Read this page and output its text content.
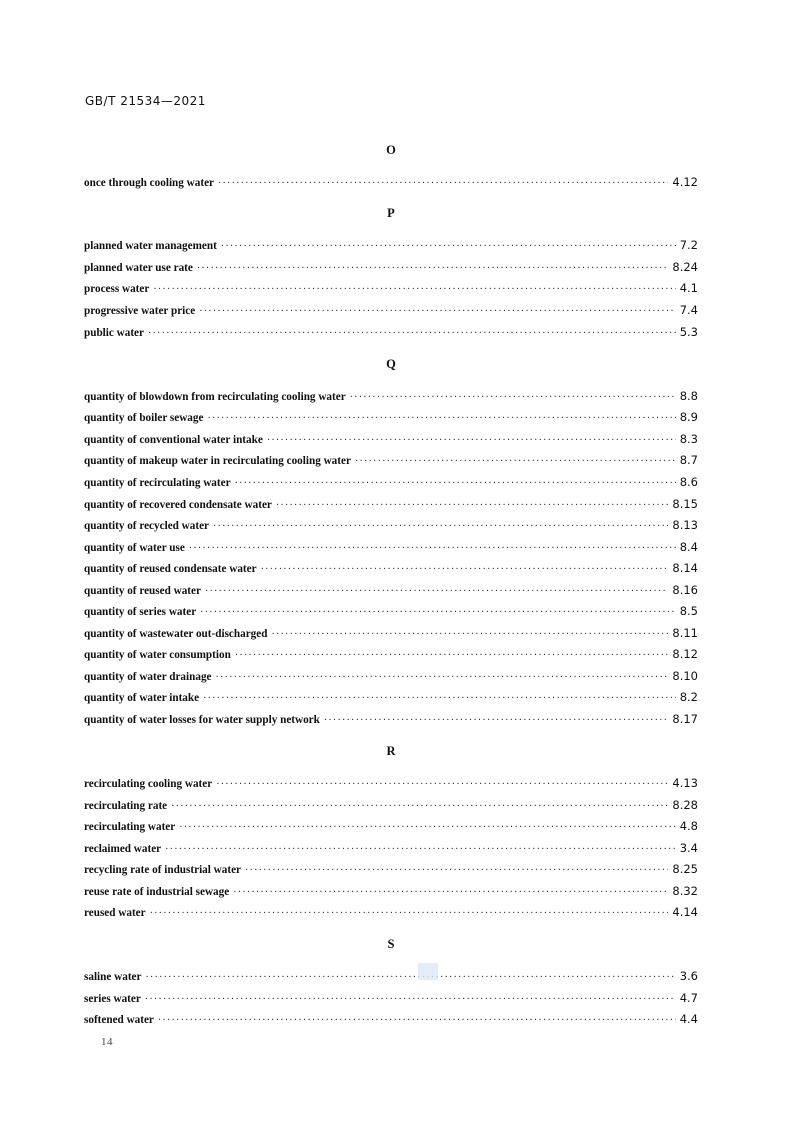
GB/T 21534—2021
O
once through cooling water ·····	4.12
P
planned water management ·····	7.2
planned water use rate ·····	8.24
process water ·····	4.1
progressive water price ·····	7.4
public water ·····	5.3
Q
quantity of blowdown from recirculating cooling water ·····	8.8
quantity of boiler sewage ·····	8.9
quantity of conventional water intake ·····	8.3
quantity of makeup water in recirculating cooling water ·····	8.7
quantity of recirculating water ·····	8.6
quantity of recovered condensate water ·····	8.15
quantity of recycled water ·····	8.13
quantity of water use ·····	8.4
quantity of reused condensate water ·····	8.14
quantity of reused water ·····	8.16
quantity of series water ·····	8.5
quantity of wastewater out-discharged ·····	8.11
quantity of water consumption ·····	8.12
quantity of water drainage ·····	8.10
quantity of water intake ·····	8.2
quantity of water losses for water supply network ·····	8.17
R
recirculating cooling water ·····	4.13
recirculating rate ·····	8.28
recirculating water ·····	4.8
reclaimed water ·····	3.4
recycling rate of industrial water ·····	8.25
reuse rate of industrial sewage ·····	8.32
reused water ·····	4.14
S
saline water ·····	3.6
series water ·····	4.7
softened water ·····	4.4
14
